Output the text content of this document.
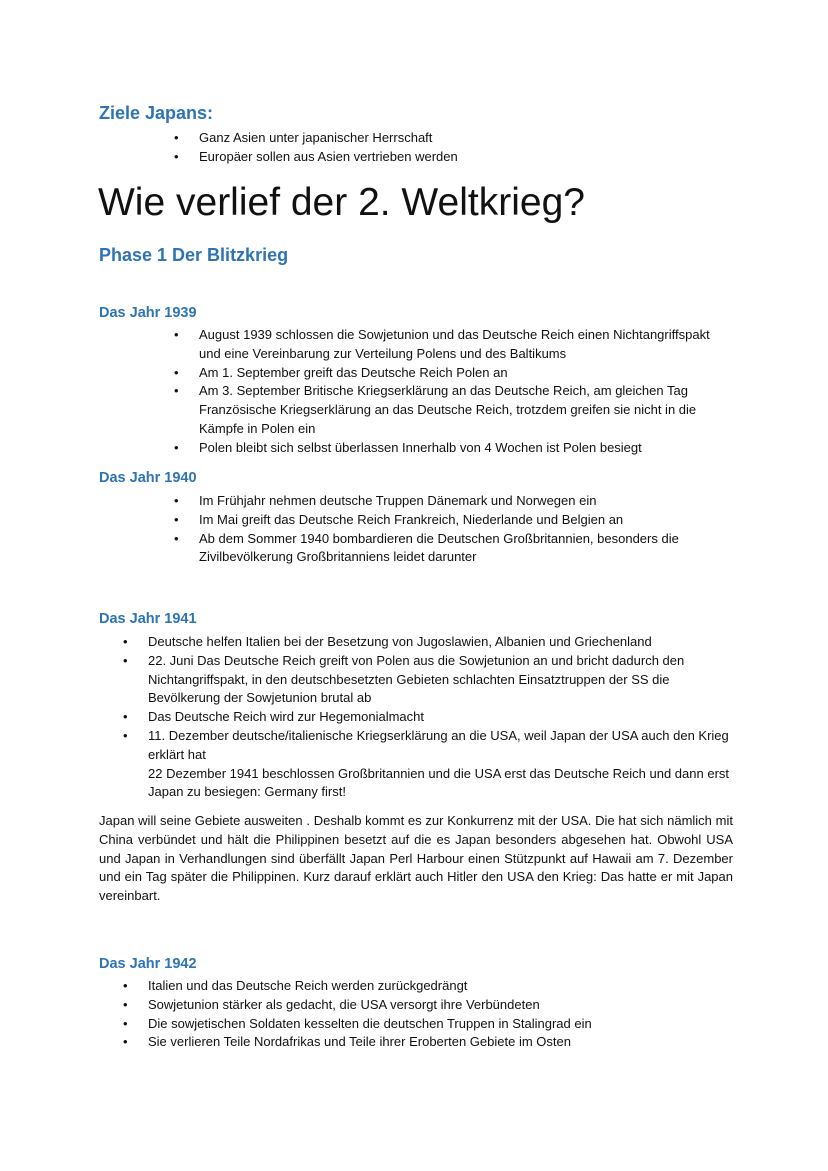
Ziele Japans:
• Ganz Asien unter japanischer Herrschaft
• Europäer sollen aus Asien vertrieben werden
Wie verlief der 2. Weltkrieg?
Phase 1 Der Blitzkrieg
Das Jahr 1939
• August 1939 schlossen die Sowjetunion und das Deutsche Reich einen Nichtangriffspakt und eine Vereinbarung zur Verteilung Polens und des Baltikums
• Am 1. September greift das Deutsche Reich Polen an
• Am 3. September Britische Kriegserklärung an das Deutsche Reich, am gleichen Tag Französische Kriegserklärung an das Deutsche Reich, trotzdem greifen sie nicht in die Kämpfe in Polen ein
• Polen bleibt sich selbst überlassen Innerhalb von 4 Wochen ist Polen besiegt
Das Jahr 1940
• Im Frühjahr nehmen deutsche Truppen Dänemark und Norwegen ein
• Im Mai greift das Deutsche Reich Frankreich, Niederlande und Belgien an
• Ab dem Sommer 1940 bombardieren die Deutschen Großbritannien, besonders die Zivilbevölkerung Großbritanniens leidet darunter
Das Jahr 1941
• Deutsche helfen Italien bei der Besetzung von Jugoslawien, Albanien und Griechenland
• 22. Juni Das Deutsche Reich greift von Polen aus die Sowjetunion an und bricht dadurch den Nichtangriffspakt, in den deutschbesetzten Gebieten schlachten Einsatztruppen der SS die Bevölkerung der Sowjetunion brutal ab
• Das Deutsche Reich wird zur Hegemonialmacht
• 11. Dezember deutsche/italienische Kriegserklärung an die USA, weil Japan der USA auch den Krieg erklärt hat
22 Dezember 1941 beschlossen Großbritannien und die USA erst das Deutsche Reich und dann erst Japan zu besiegen: Germany first!

Japan will seine Gebiete ausweiten . Deshalb kommt es zur Konkurrenz mit der USA. Die hat sich nämlich mit China verbündet und hält die Philippinen besetzt auf die es Japan besonders abgesehen hat. Obwohl USA und Japan in Verhandlungen sind überfällt Japan Perl Harbour einen Stützpunkt auf Hawaii am 7. Dezember und ein Tag später die Philippinen. Kurz darauf erklärt auch Hitler den USA den Krieg: Das hatte er mit Japan vereinbart.

Das Jahr 1942
• Italien und das Deutsche Reich werden zurückgedrängt
• Sowjetunion stärker als gedacht, die USA versorgt ihre Verbündeten
• Die sowjetischen Soldaten kesselten die deutschen Truppen in Stalingrad ein
• Sie verlieren Teile Nordafrikas und Teile ihrer Eroberten Gebiete im Osten
